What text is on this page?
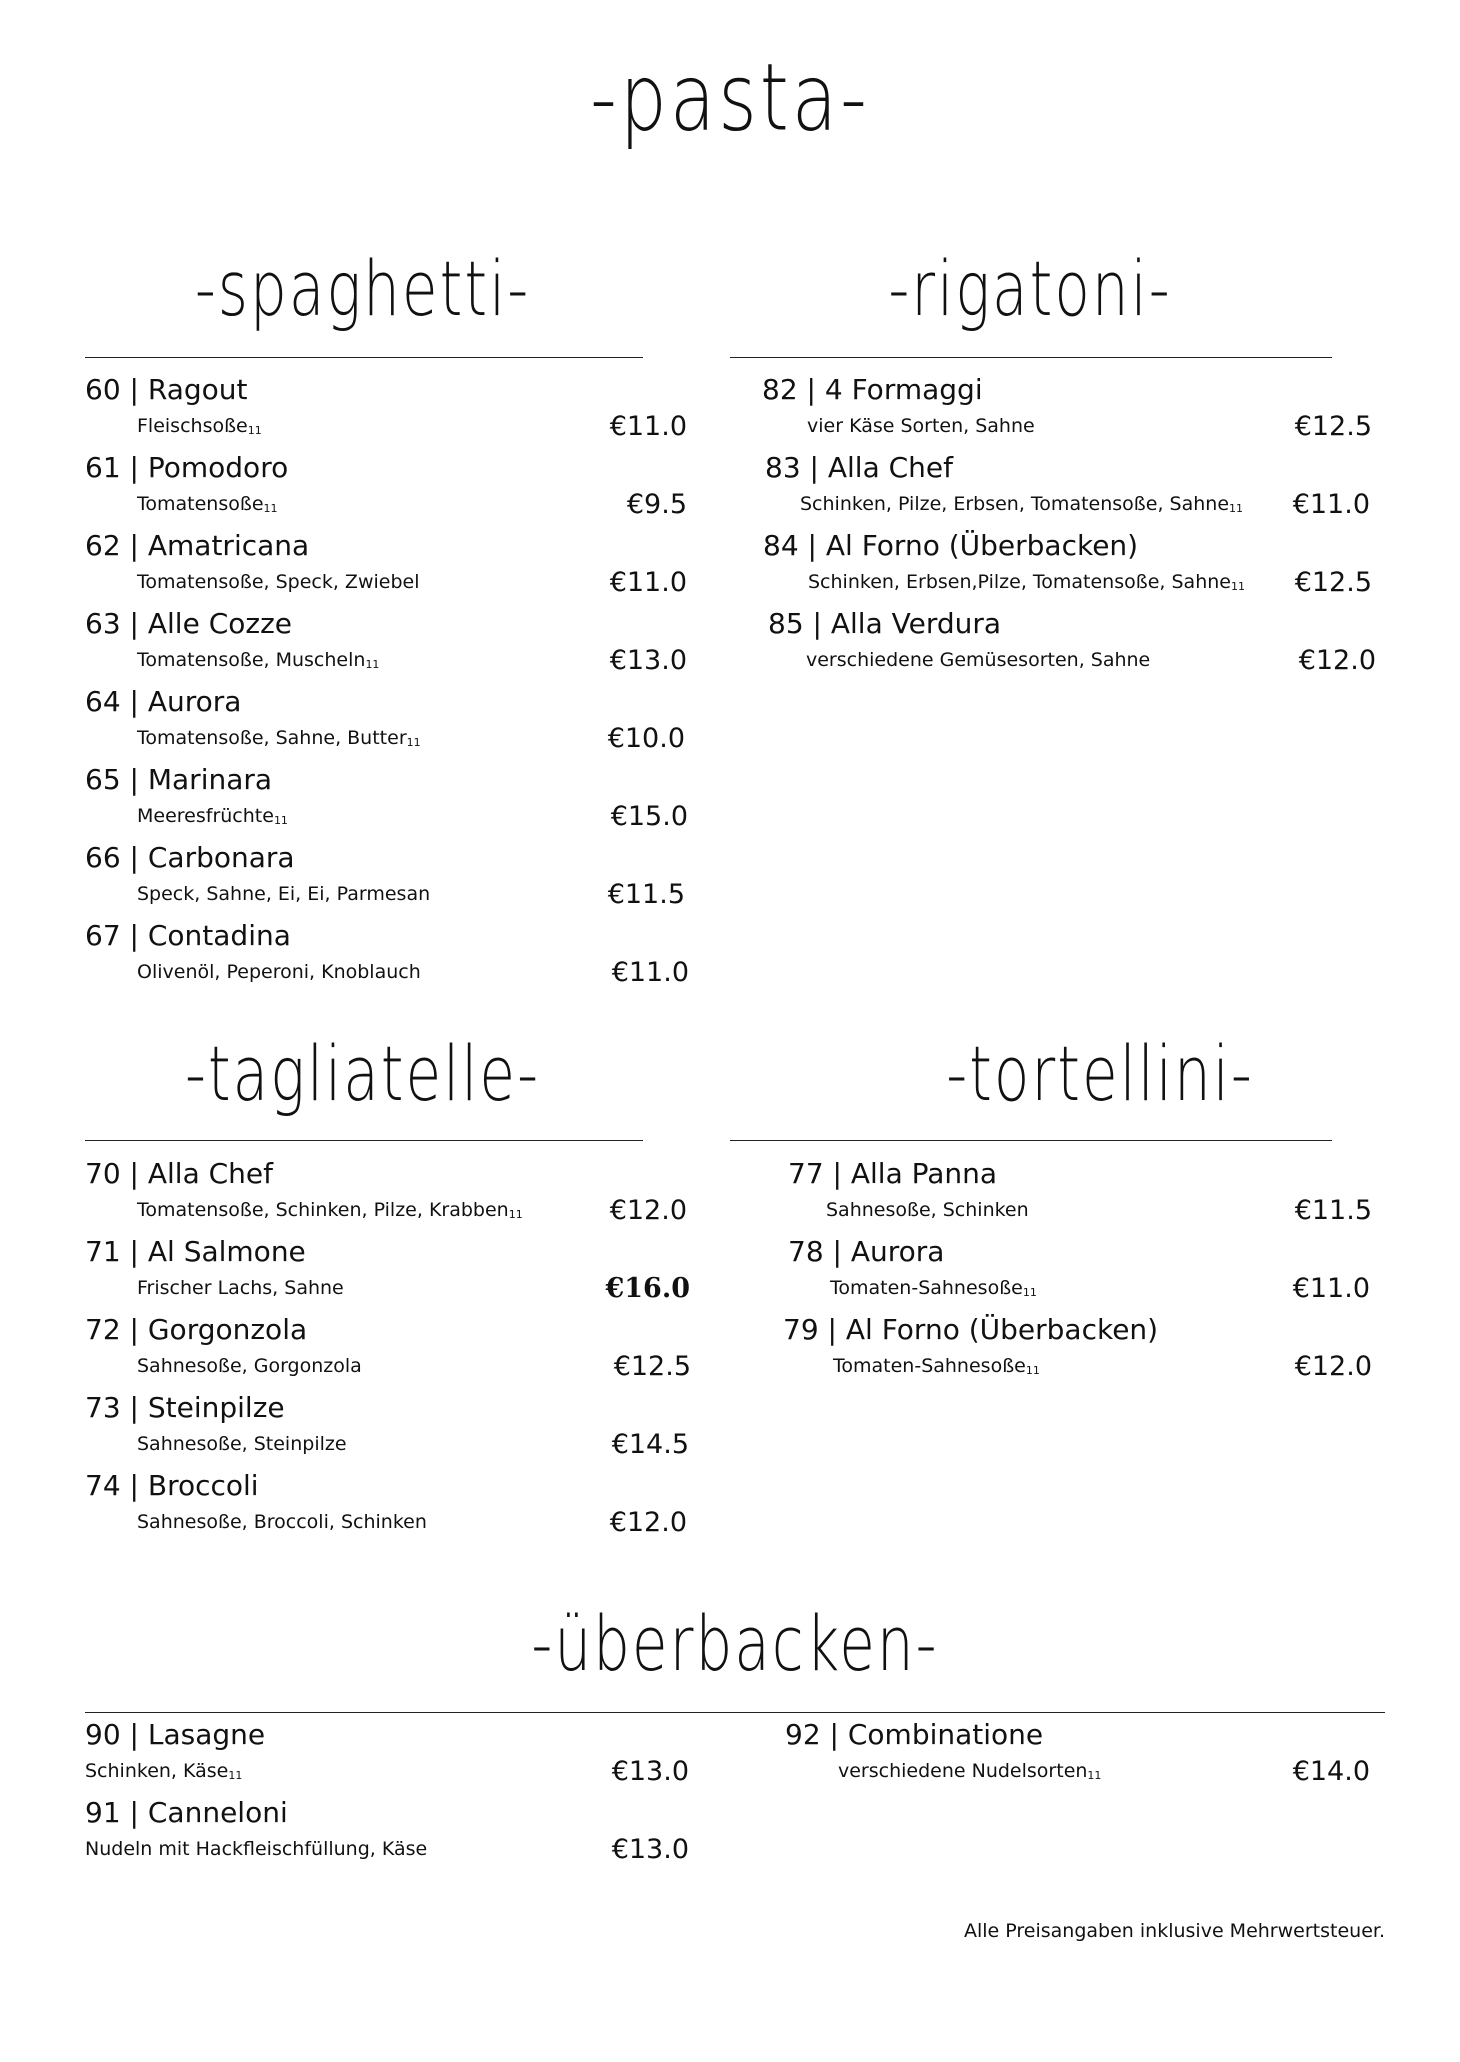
-pasta-
-spaghetti-
60 | Ragout
Fleischsoße$_{11}$	€11.0
61 | Pomodoro
Tomatensoße$_{11}$	€9.5
62 | Amatricana
Tomatensoße, Speck, Zwiebel	€11.0
63 | Alle Cozze
Tomatensoße, Muscheln$_{11}$	€13.0
64 | Aurora
Tomatensoße, Sahne, Butter$_{11}$	€10.0
65 | Marinara
Meeresfrüchte$_{11}$	€15.0
66 | Carbonara
Speck, Sahne, Ei, Ei, Parmesan	€11.5
67 | Contadina
Olivenöl, Peperoni, Knoblauch	€11.0
-rigatoni-
82 | 4 Formaggi
vier Käse Sorten, Sahne	€12.5
83 | Alla Chef
Schinken, Pilze, Erbsen, Tomatensoße, Sahne$_{11}$ €11.0
84 | Al Forno (Überbacken)
Schinken, Erbsen,Pilze, Tomatensoße, Sahne$_{11}$ €12.5
85 | Alla Verdura
verschiedene Gemüsesorten, Sahne	€12.0
-tagliatelle-
70 | Alla Chef
Tomatensoße, Schinken, Pilze, Krabben$_{11}$	€12.0
71 | Al Salmone
Frischer Lachs, Sahne	€16.0
72 | Gorgonzola
Sahnesoße, Gorgonzola	€12.5
73 | Steinpilze
Sahnesoße, Steinpilze	€14.5
74 | Broccoli
Sahnesoße, Broccoli, Schinken	€12.0
-tortellini-
77 | Alla Panna
Sahnesoße, Schinken	€11.5
78 | Aurora
Tomaten-Sahnesoße$_{11}$	€11.0
79 | Al Forno (Überbacken)
Tomaten-Sahnesoße$_{11}$	€12.0
-überbacken-
90 | Lasagne
Schinken, Käse$_{11}$	€13.0
91 | Canneloni
Nudeln mit Hackfleischfüllung, Käse	€13.0
92 | Combinatione
verschiedene Nudelsorten$_{11}$	€14.0
Alle Preisangaben inklusive Mehrwertsteuer.
